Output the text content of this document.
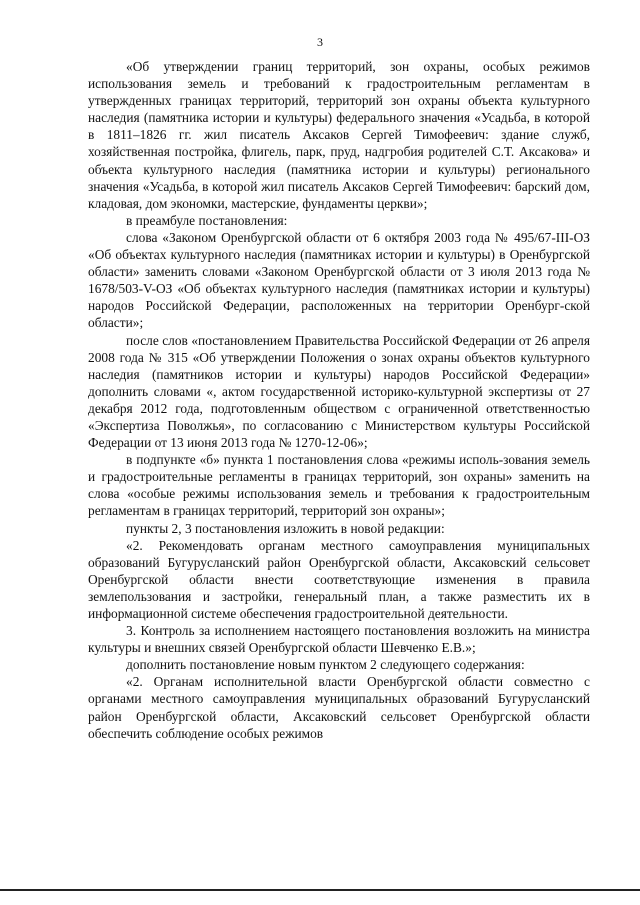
3

«Об утверждении границ территорий, зон охраны, особых режимов использования земель и требований к градостроительным регламентам в утвержденных границах территорий, территорий зон охраны объекта культурного наследия (памятника истории и культуры) федерального значения «Усадьба, в которой в 1811–1826 гг. жил писатель Аксаков Сергей Тимофеевич: здание служб, хозяйственная постройка, флигель, парк, пруд, надгробия родителей С.Т. Аксакова» и объекта культурного наследия (памятника истории и культуры) регионального значения «Усадьба, в которой жил писатель Аксаков Сергей Тимофеевич: барский дом, кладовая, дом экономки, мастерские, фундаменты церкви»;

в преамбуле постановления:

слова «Законом Оренбургской области от 6 октября 2003 года № 495/67-III-ОЗ «Об объектах культурного наследия (памятниках истории и культуры) в Оренбургской области» заменить словами «Законом Оренбургской области от 3 июля 2013 года № 1678/503-V-ОЗ «Об объектах культурного наследия (памятниках истории и культуры) народов Российской Федерации, расположенных на территории Оренбург-ской области»;

после слов «постановлением Правительства Российской Федерации от 26 апреля 2008 года № 315 «Об утверждении Положения о зонах охраны объектов культурного наследия (памятников истории и культуры) народов Российской Федерации» дополнить словами «, актом государственной историко-культурной экспертизы от 27 декабря 2012 года, подготовленным обществом с ограниченной ответственностью «Экспертиза Поволжья», по согласованию с Министерством культуры Российской Федерации от 13 июня 2013 года № 1270-12-06»;

в подпункте «б» пункта 1 постановления слова «режимы исполь-зования земель и градостроительные регламенты в границах территорий, зон охраны» заменить на слова «особые режимы использования земель и требования к градостроительным регламентам в границах территорий, территорий зон охраны»;

пункты 2, 3 постановления изложить в новой редакции:

«2. Рекомендовать органам местного самоуправления муниципальных образований Бугурусланский район Оренбургской области, Аксаковский сельсовет Оренбургской области внести соответствующие изменения в правила землепользования и застройки, генеральный план, а также разместить их в информационной системе обеспечения градостроительной деятельности.

3. Контроль за исполнением настоящего постановления возложить на министра культуры и внешних связей Оренбургской области Шевченко Е.В.»;

дополнить постановление новым пунктом 2 следующего содержания:

«2. Органам исполнительной власти Оренбургской области совместно с органами местного самоуправления муниципальных образований Бугурусланский район Оренбургской области, Аксаковский сельсовет Оренбургской области обеспечить соблюдение особых режимов
